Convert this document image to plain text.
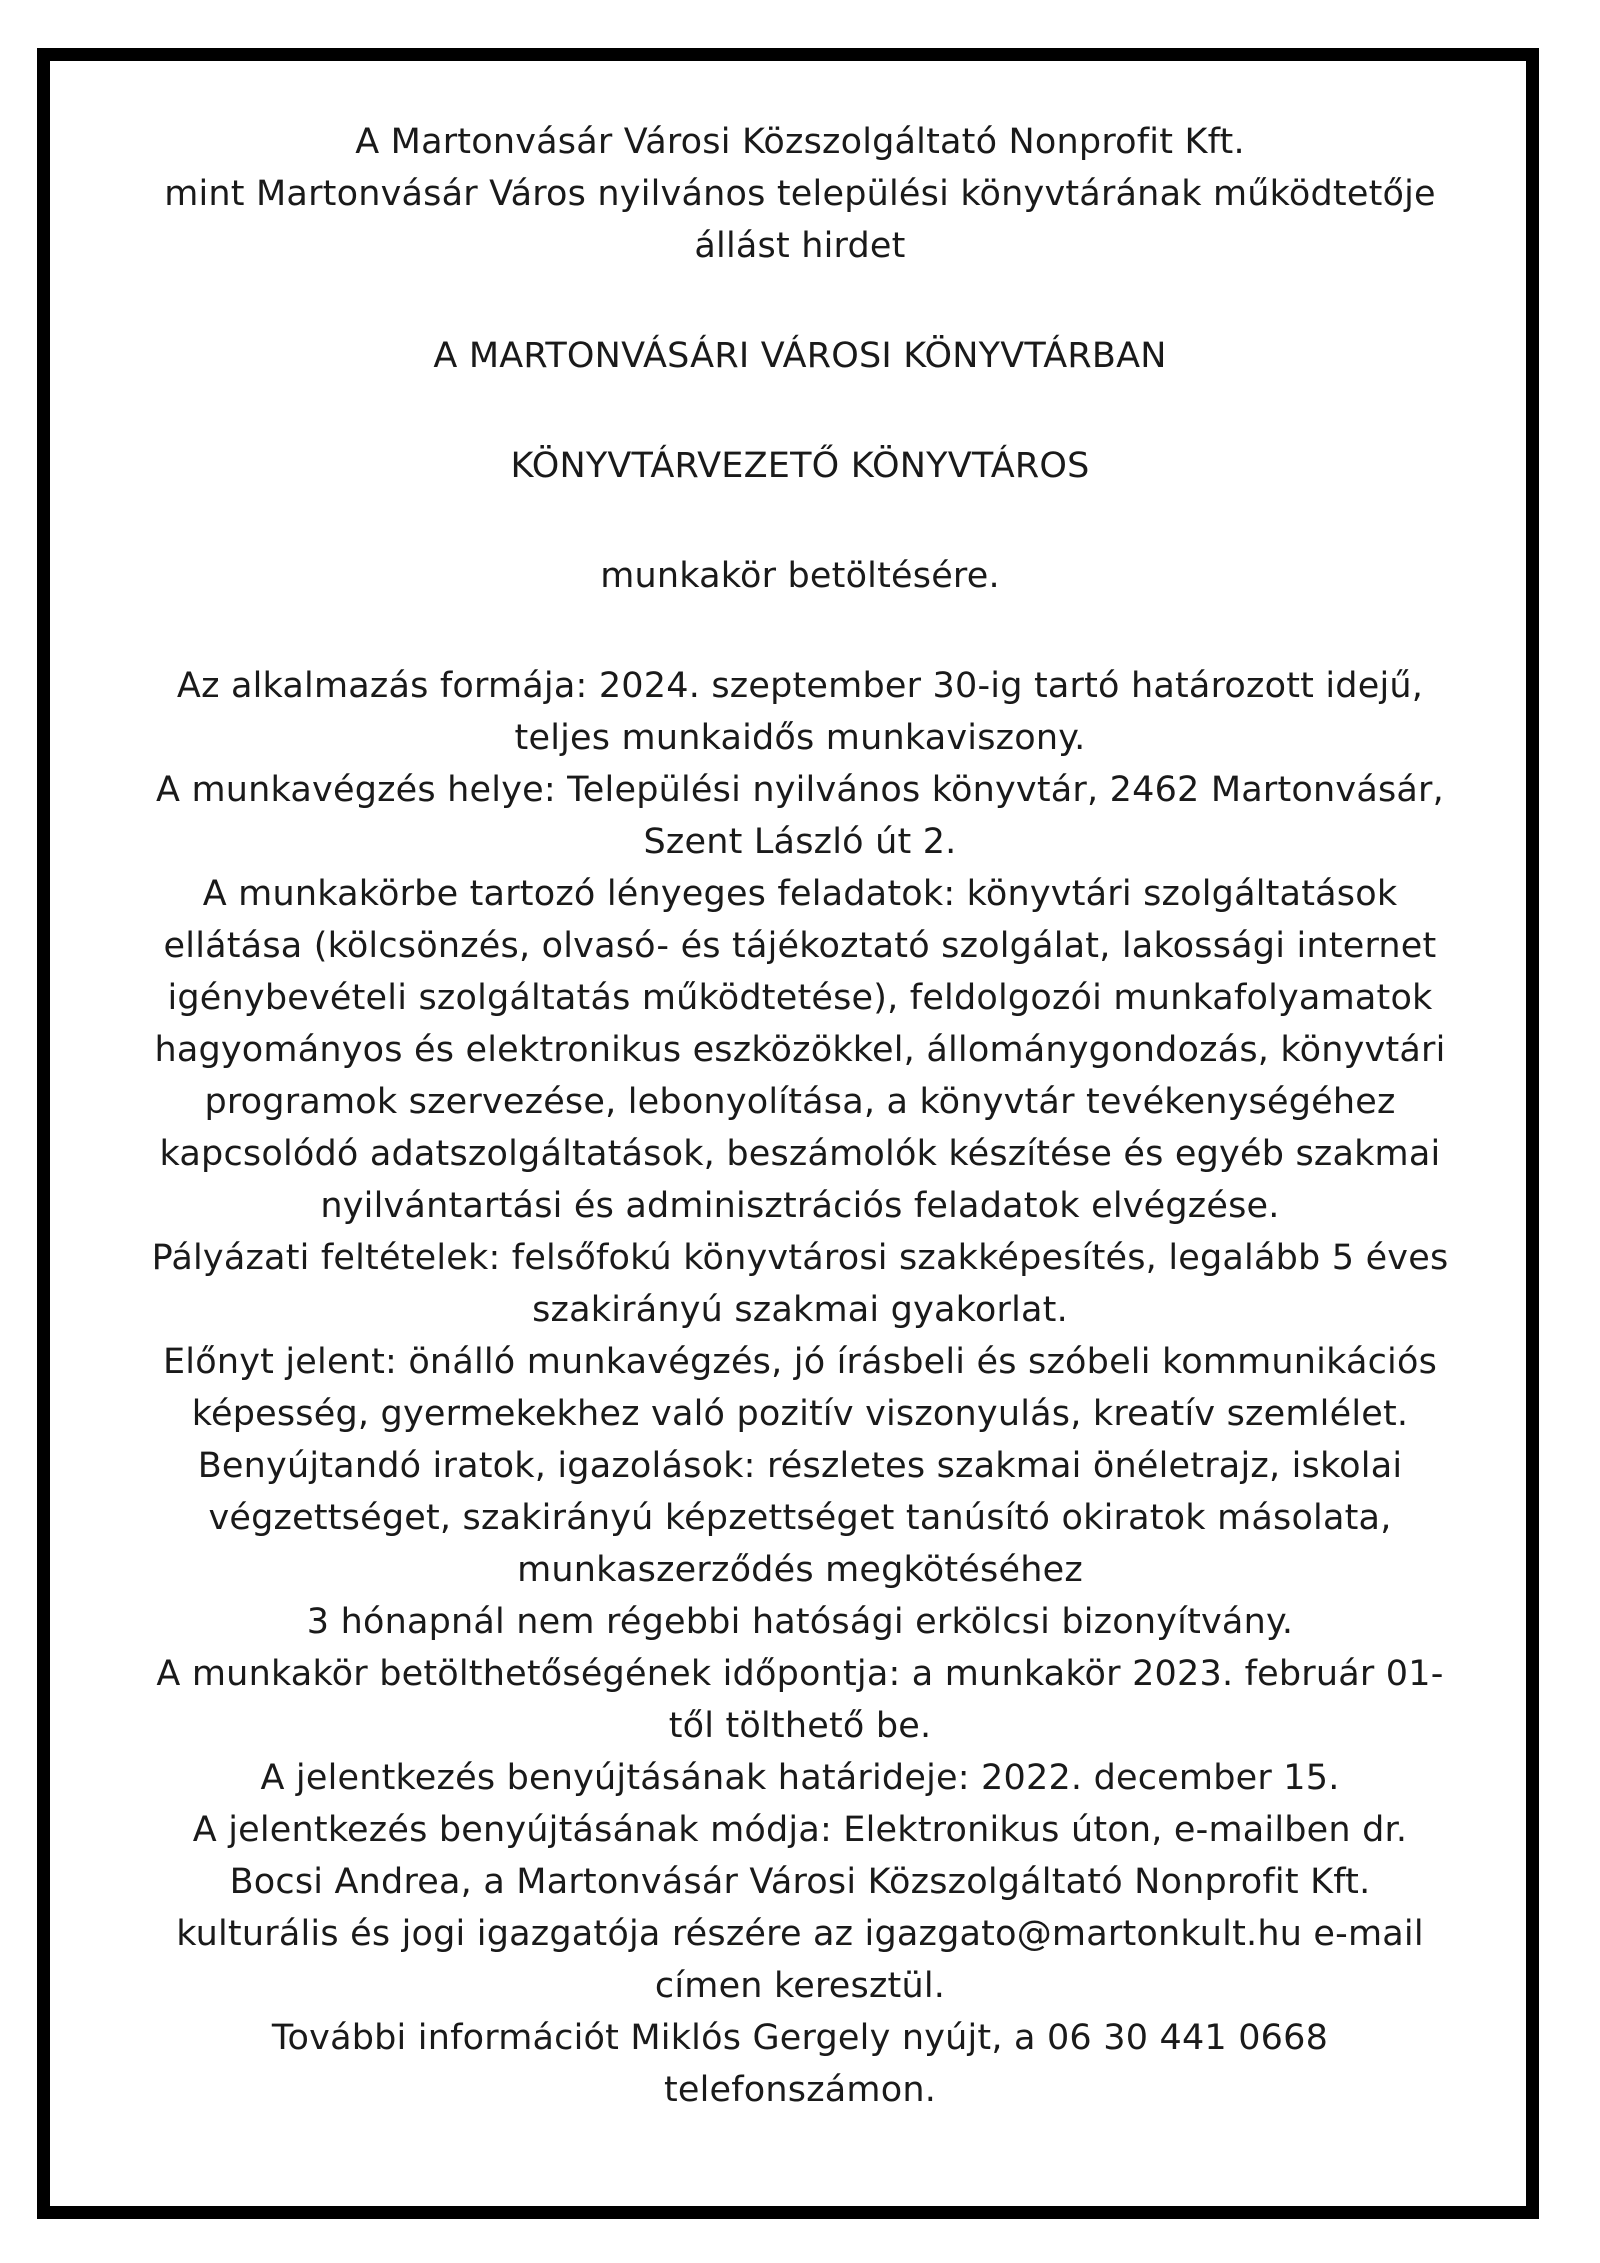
A Martonvásár Városi Közszolgáltató Nonprofit Kft.

mint Martonvásár Város nyilvános települési könyvtárának működtetője

állást hirdet

A MARTONVÁSÁRI VÁROSI KÖNYVTÁRBAN

KÖNYVTÁRVEZETŐ KÖNYVTÁROS

munkakör betöltésére.

Az alkalmazás formája: 2024. szeptember 30-ig tartó határozott idejű,

teljes munkaidős munkaviszony.

A munkavégzés helye: Települési nyilvános könyvtár, 2462 Martonvásár,

Szent László út 2.

A munkakörbe tartozó lényeges feladatok: könyvtári szolgáltatások

ellátása (kölcsönzés, olvasó- és tájékoztató szolgálat, lakossági internet

igénybevételi szolgáltatás működtetése), feldolgozói munkafolyamatok

hagyományos és elektronikus eszközökkel, állománygondozás, könyvtári

programok szervezése, lebonyolítása, a könyvtár tevékenységéhez

kapcsolódó adatszolgáltatások, beszámolók készítése és egyéb szakmai

nyilvántartási és adminisztrációs feladatok elvégzése.

Pályázati feltételek: felsőfokú könyvtárosi szakképesítés, legalább 5 éves

szakirányú szakmai gyakorlat.

Előnyt jelent: önálló munkavégzés, jó írásbeli és szóbeli kommunikációs

képesség, gyermekekhez való pozitív viszonyulás, kreatív szemlélet.

Benyújtandó iratok, igazolások: részletes szakmai önéletrajz, iskolai

végzettséget, szakirányú képzettséget tanúsító okiratok másolata,

munkaszerződés megkötéséhez

3 hónapnál nem régebbi hatósági erkölcsi bizonyítvány.

A munkakör betölthetőségének időpontja: a munkakör 2023. február 01-

től tölthető be.

A jelentkezés benyújtásának határideje: 2022. december 15.

A jelentkezés benyújtásának módja: Elektronikus úton, e-mailben dr.

Bocsi Andrea, a Martonvásár Városi Közszolgáltató Nonprofit Kft.

kulturális és jogi igazgatója részére az igazgato@martonkult.hu e-mail

címen keresztül.

További információt Miklós Gergely nyújt, a 06 30 441 0668

telefonszámon.
